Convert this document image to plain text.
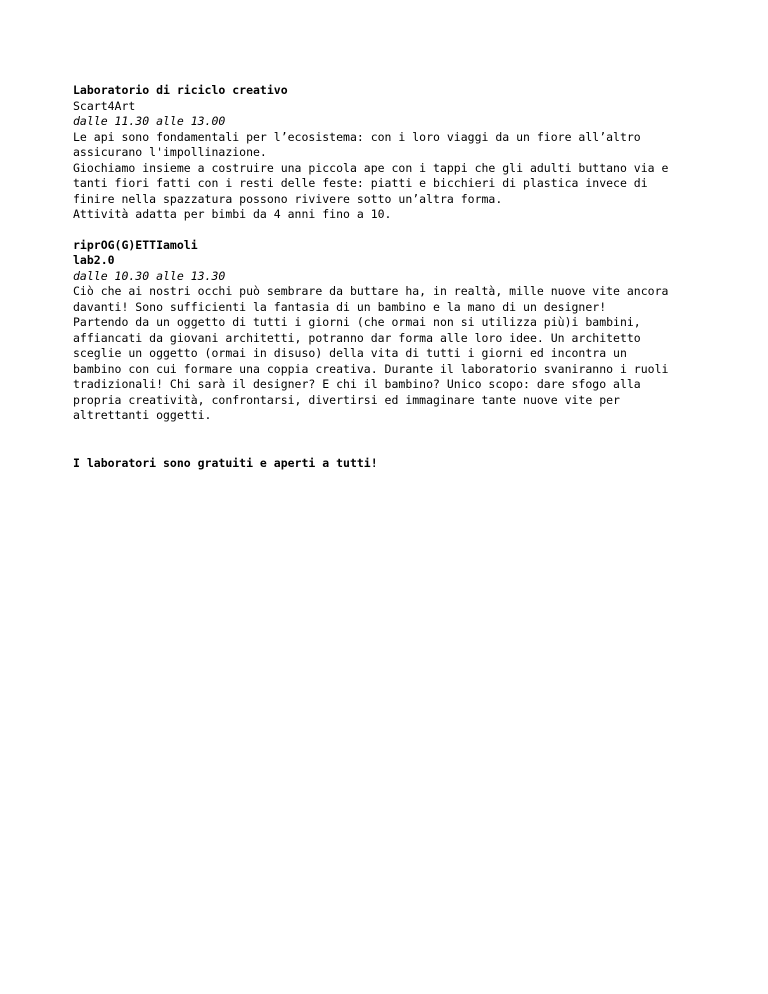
Laboratorio di riciclo creativo
Scart4Art
dalle 11.30 alle 13.00
Le api sono fondamentali per l’ecosistema: con i loro viaggi da un fiore all’altro
assicurano l'impollinazione.
Giochiamo insieme a costruire una piccola ape con i tappi che gli adulti buttano via e
tanti fiori fatti con i resti delle feste: piatti e bicchieri di plastica invece di
finire nella spazzatura possono rivivere sotto un’altra forma.
Attività adatta per bimbi da 4 anni fino a 10.
riprOG(G)ETTIamoli
lab2.0
dalle 10.30 alle 13.30
Ciò che ai nostri occhi può sembrare da buttare ha, in realtà, mille nuove vite ancora
davanti! Sono sufficienti la fantasia di un bambino e la mano di un designer!
Partendo da un oggetto di tutti i giorni (che ormai non si utilizza più)i bambini,
affiancati da giovani architetti, potranno dar forma alle loro idee. Un architetto
sceglie un oggetto (ormai in disuso) della vita di tutti i giorni ed incontra un
bambino con cui formare una coppia creativa. Durante il laboratorio svaniranno i ruoli
tradizionali! Chi sarà il designer? E chi il bambino? Unico scopo: dare sfogo alla
propria creatività, confrontarsi, divertirsi ed immaginare tante nuove vite per
altrettanti oggetti.
I laboratori sono gratuiti e aperti a tutti!
